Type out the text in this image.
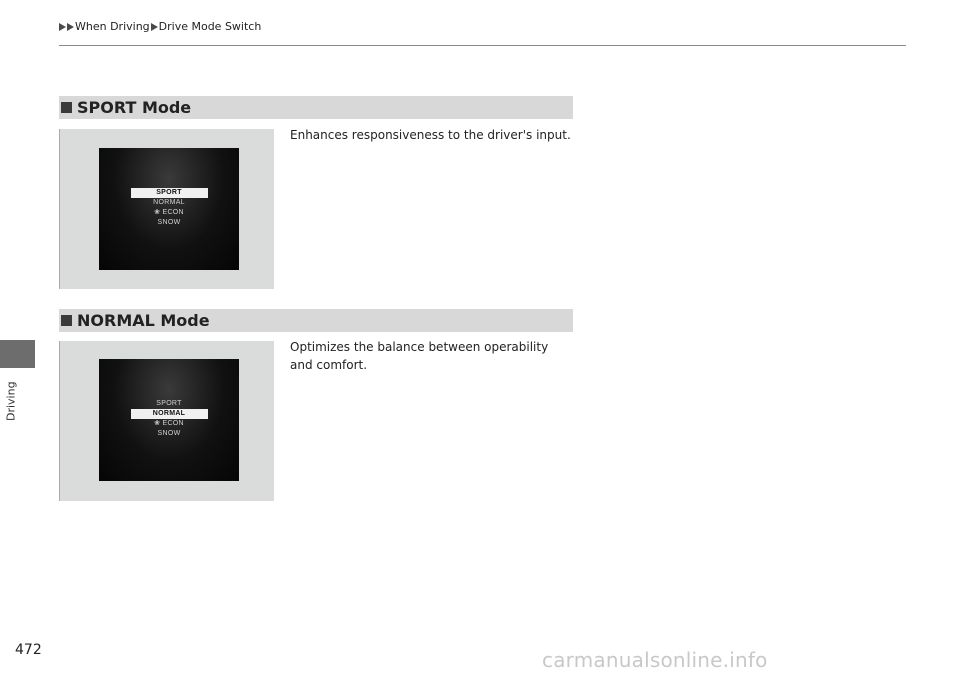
When Driving Drive Mode Switch
Driving
SPORT Mode
SPORT
NORMAL
❀ ECON
SNOW
Enhances responsiveness to the driver's input.
NORMAL Mode
SPORT
NORMAL
❀ ECON
SNOW
Optimizes the balance between operability and comfort.
472	carmanualsonline.info
